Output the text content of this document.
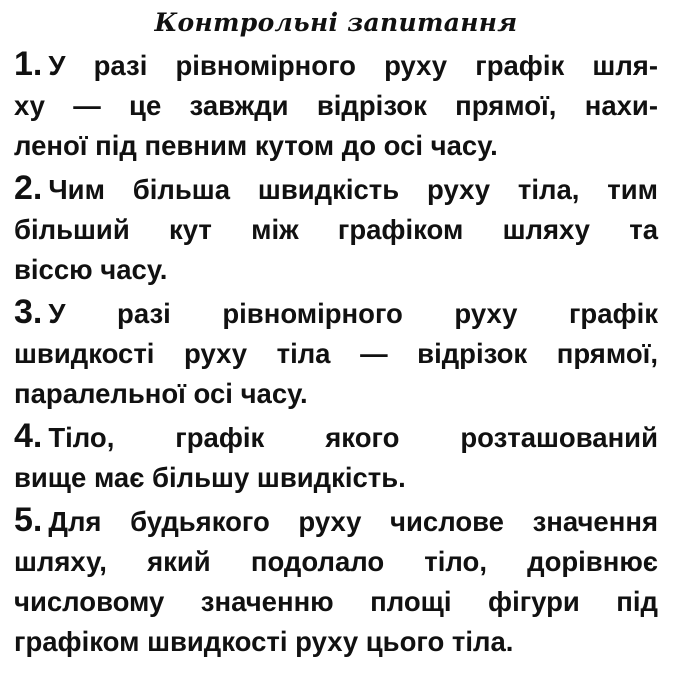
Контрольні запитання
1. У разі рівномірного руху графік шля-
ху — це завжди відрізок прямої, нахи-
леної під певним кутом до осі часу.
2. Чим більша швидкість руху тіла, тим
більший кут між графіком шляху та
віссю часу.
3. У разі рівномірного руху графік
швидкості руху тіла — відрізок прямої,
паралельної осі часу.
4. Тіло, графік якого розташований
вище має більшу швидкість.
5. Для будьякого руху числове значення
шляху, який подолало тіло, дорівнює
числовому значенню площі фігури під
графіком швидкості руху цього тіла.
